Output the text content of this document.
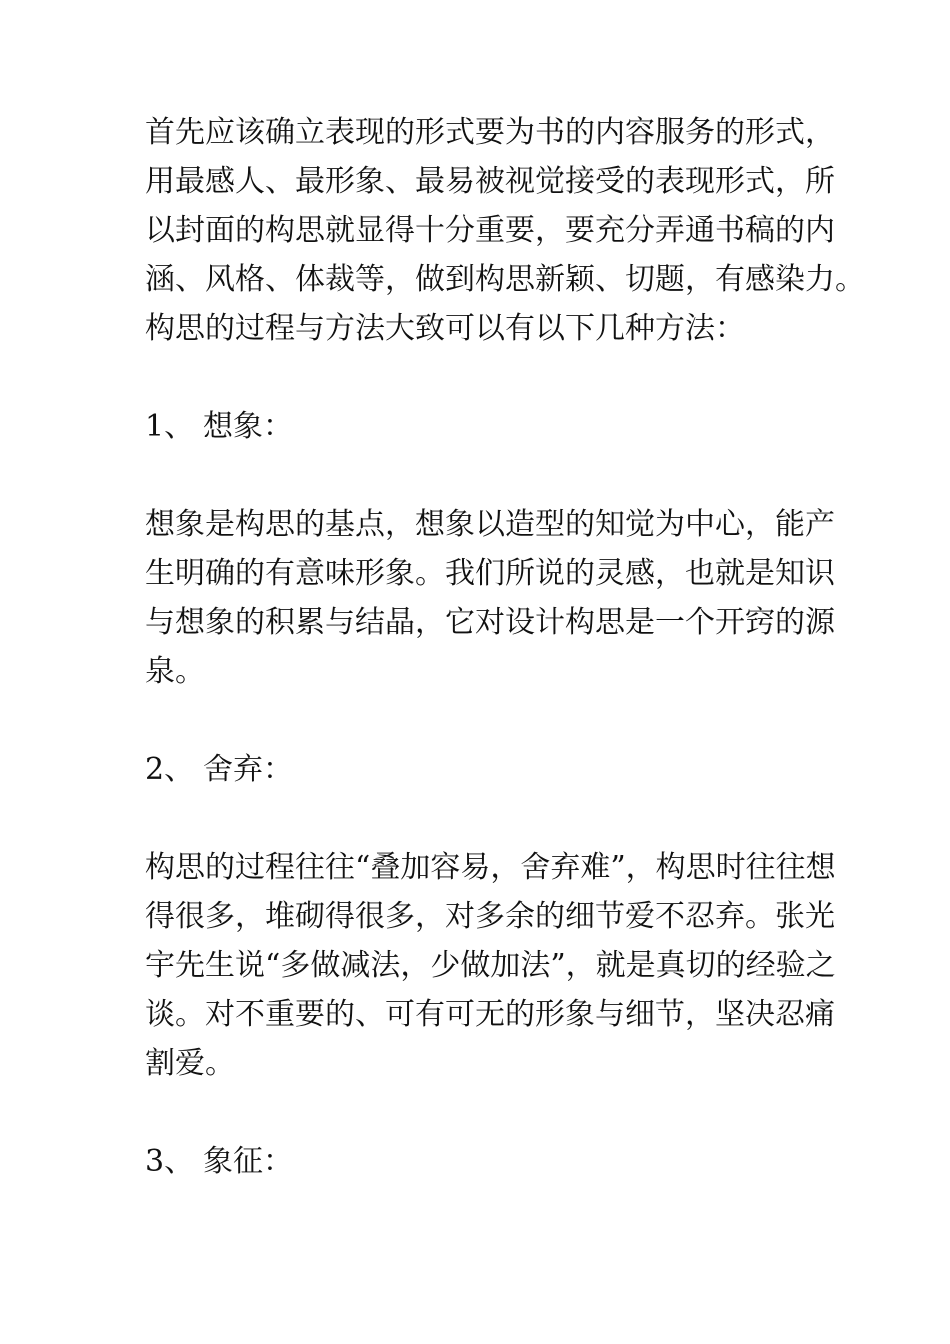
首先应该确立表现的形式要为书的内容服务的形式，
用最感人、最形象、最易被视觉接受的表现形式，所
以封面的构思就显得十分重要，要充分弄通书稿的内
涵、风格、体裁等，做到构思新颖、切题，有感染力。
构思的过程与方法大致可以有以下几种方法：
1、 想象：
想象是构思的基点，想象以造型的知觉为中心，能产
生明确的有意味形象。我们所说的灵感，也就是知识
与想象的积累与结晶，它对设计构思是一个开窍的源
泉。
2、 舍弃：
构思的过程往往“叠加容易，舍弃难”，构思时往往想
得很多，堆砌得很多，对多余的细节爱不忍弃。张光
宇先生说“多做减法，少做加法”，就是真切的经验之
谈。对不重要的、可有可无的形象与细节，坚决忍痛
割爱。
3、 象征：
